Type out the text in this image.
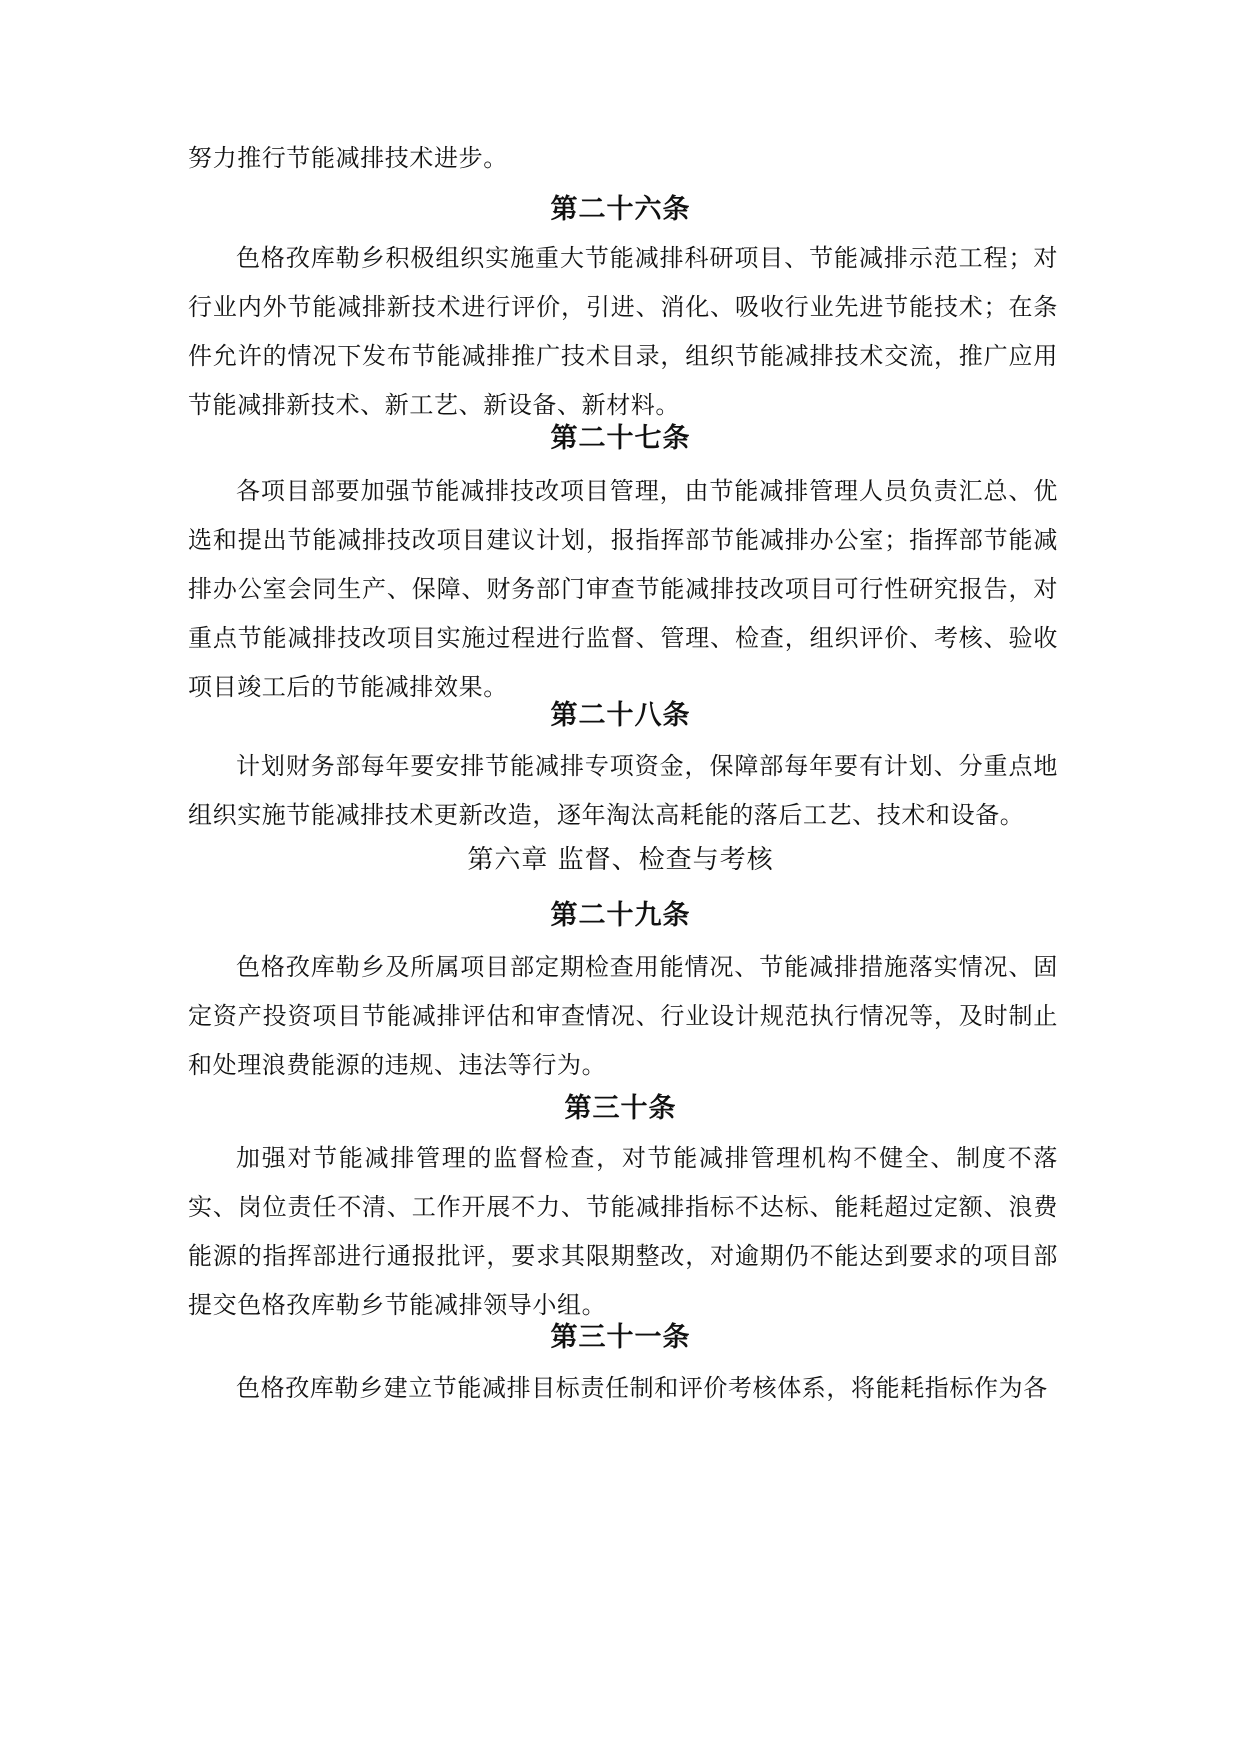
努力推行节能减排技术进步。

第二十六条

色格孜库勒乡积极组织实施重大节能减排科研项目、节能减排示范工程；对行业内外节能减排新技术进行评价，引进、消化、吸收行业先进节能技术；在条件允许的情况下发布节能减排推广技术目录，组织节能减排技术交流，推广应用节能减排新技术、新工艺、新设备、新材料。

第二十七条

各项目部要加强节能减排技改项目管理，由节能减排管理人员负责汇总、优选和提出节能减排技改项目建议计划，报指挥部节能减排办公室；指挥部节能减排办公室会同生产、保障、财务部门审查节能减排技改项目可行性研究报告，对重点节能减排技改项目实施过程进行监督、管理、检查，组织评价、考核、验收项目竣工后的节能减排效果。

第二十八条

计划财务部每年要安排节能减排专项资金，保障部每年要有计划、分重点地组织实施节能减排技术更新改造，逐年淘汰高耗能的落后工艺、技术和设备。

第六章 监督、检查与考核
第二十九条

色格孜库勒乡及所属项目部定期检查用能情况、节能减排措施落实情况、固定资产投资项目节能减排评估和审查情况、行业设计规范执行情况等，及时制止和处理浪费能源的违规、违法等行为。

第三十条

加强对节能减排管理的监督检查，对节能减排管理机构不健全、制度不落实、岗位责任不清、工作开展不力、节能减排指标不达标、能耗超过定额、浪费能源的指挥部进行通报批评，要求其限期整改，对逾期仍不能达到要求的项目部提交色格孜库勒乡节能减排领导小组。

第三十一条

色格孜库勒乡建立节能减排目标责任制和评价考核体系，将能耗指标作为各
